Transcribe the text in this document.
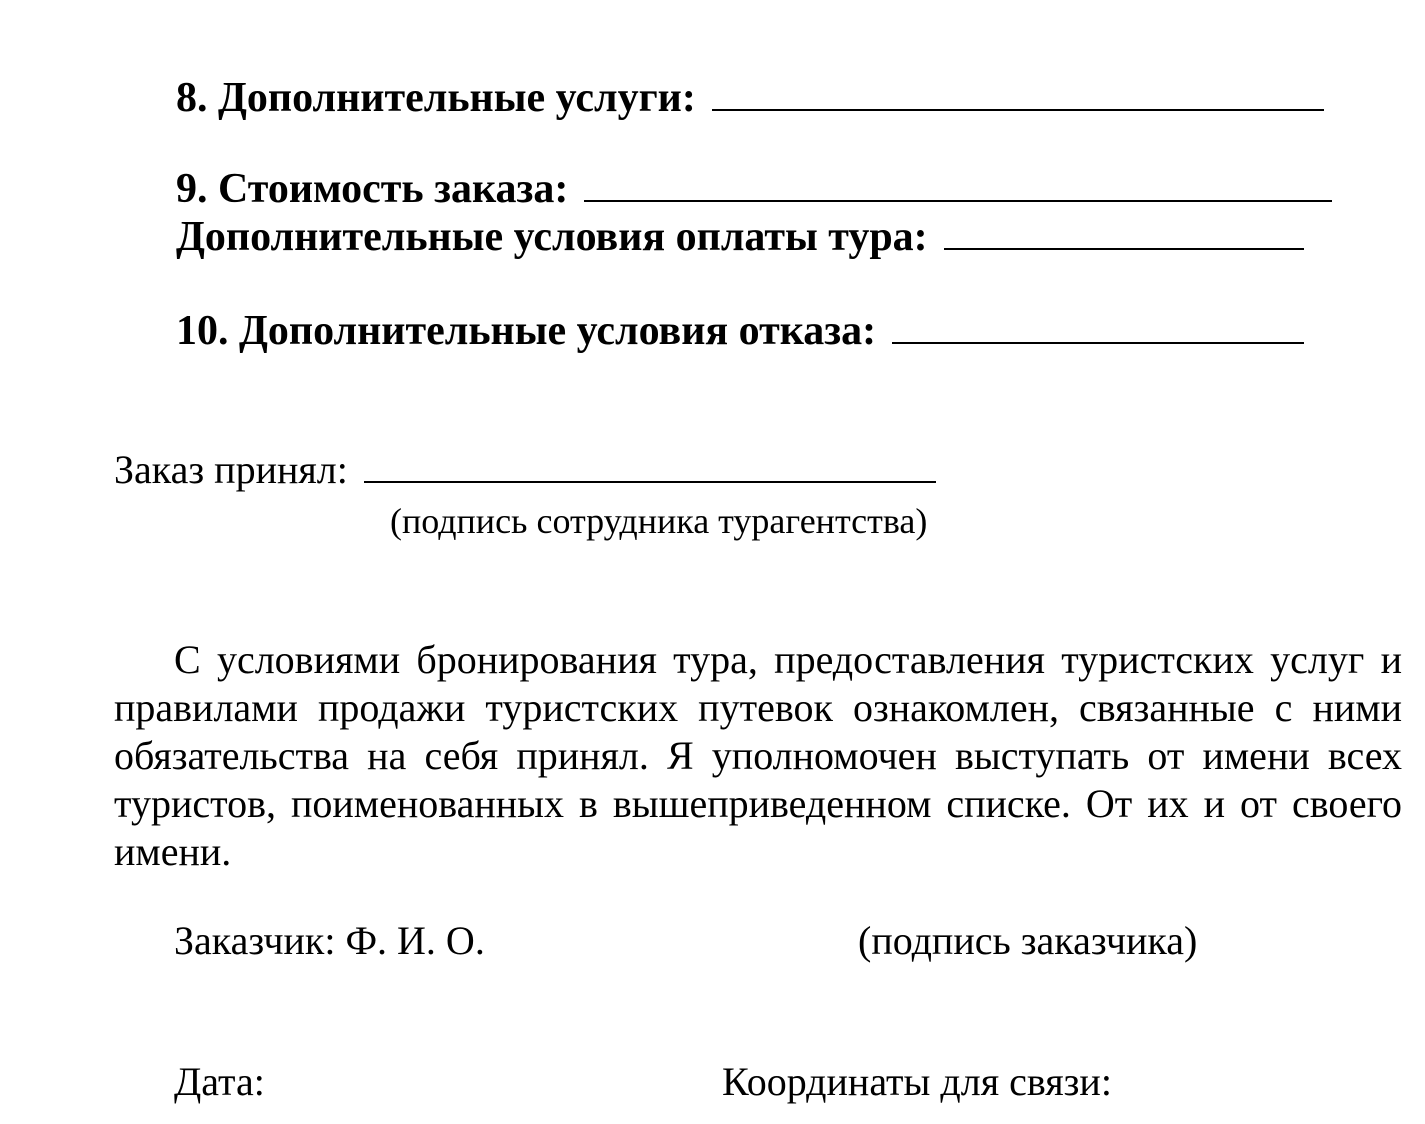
8. Дополнительные услуги:
9. Стоимость заказа:
Дополнительные условия оплаты тура:
10. Дополнительные условия отказа:
Заказ принял:
(подпись сотрудника турагентства)
С условиями бронирования тура, предоставления туристских услуг и правилами продажи туристских путевок ознакомлен, связанные с ними обязательства на себя принял. Я уполномочен выступать от имени всех туристов, поименованных в вышеприведенном списке. От их и от своего имени.
Заказчик: Ф. И. О.	(подпись заказчика)
Дата:	Координаты для связи:
